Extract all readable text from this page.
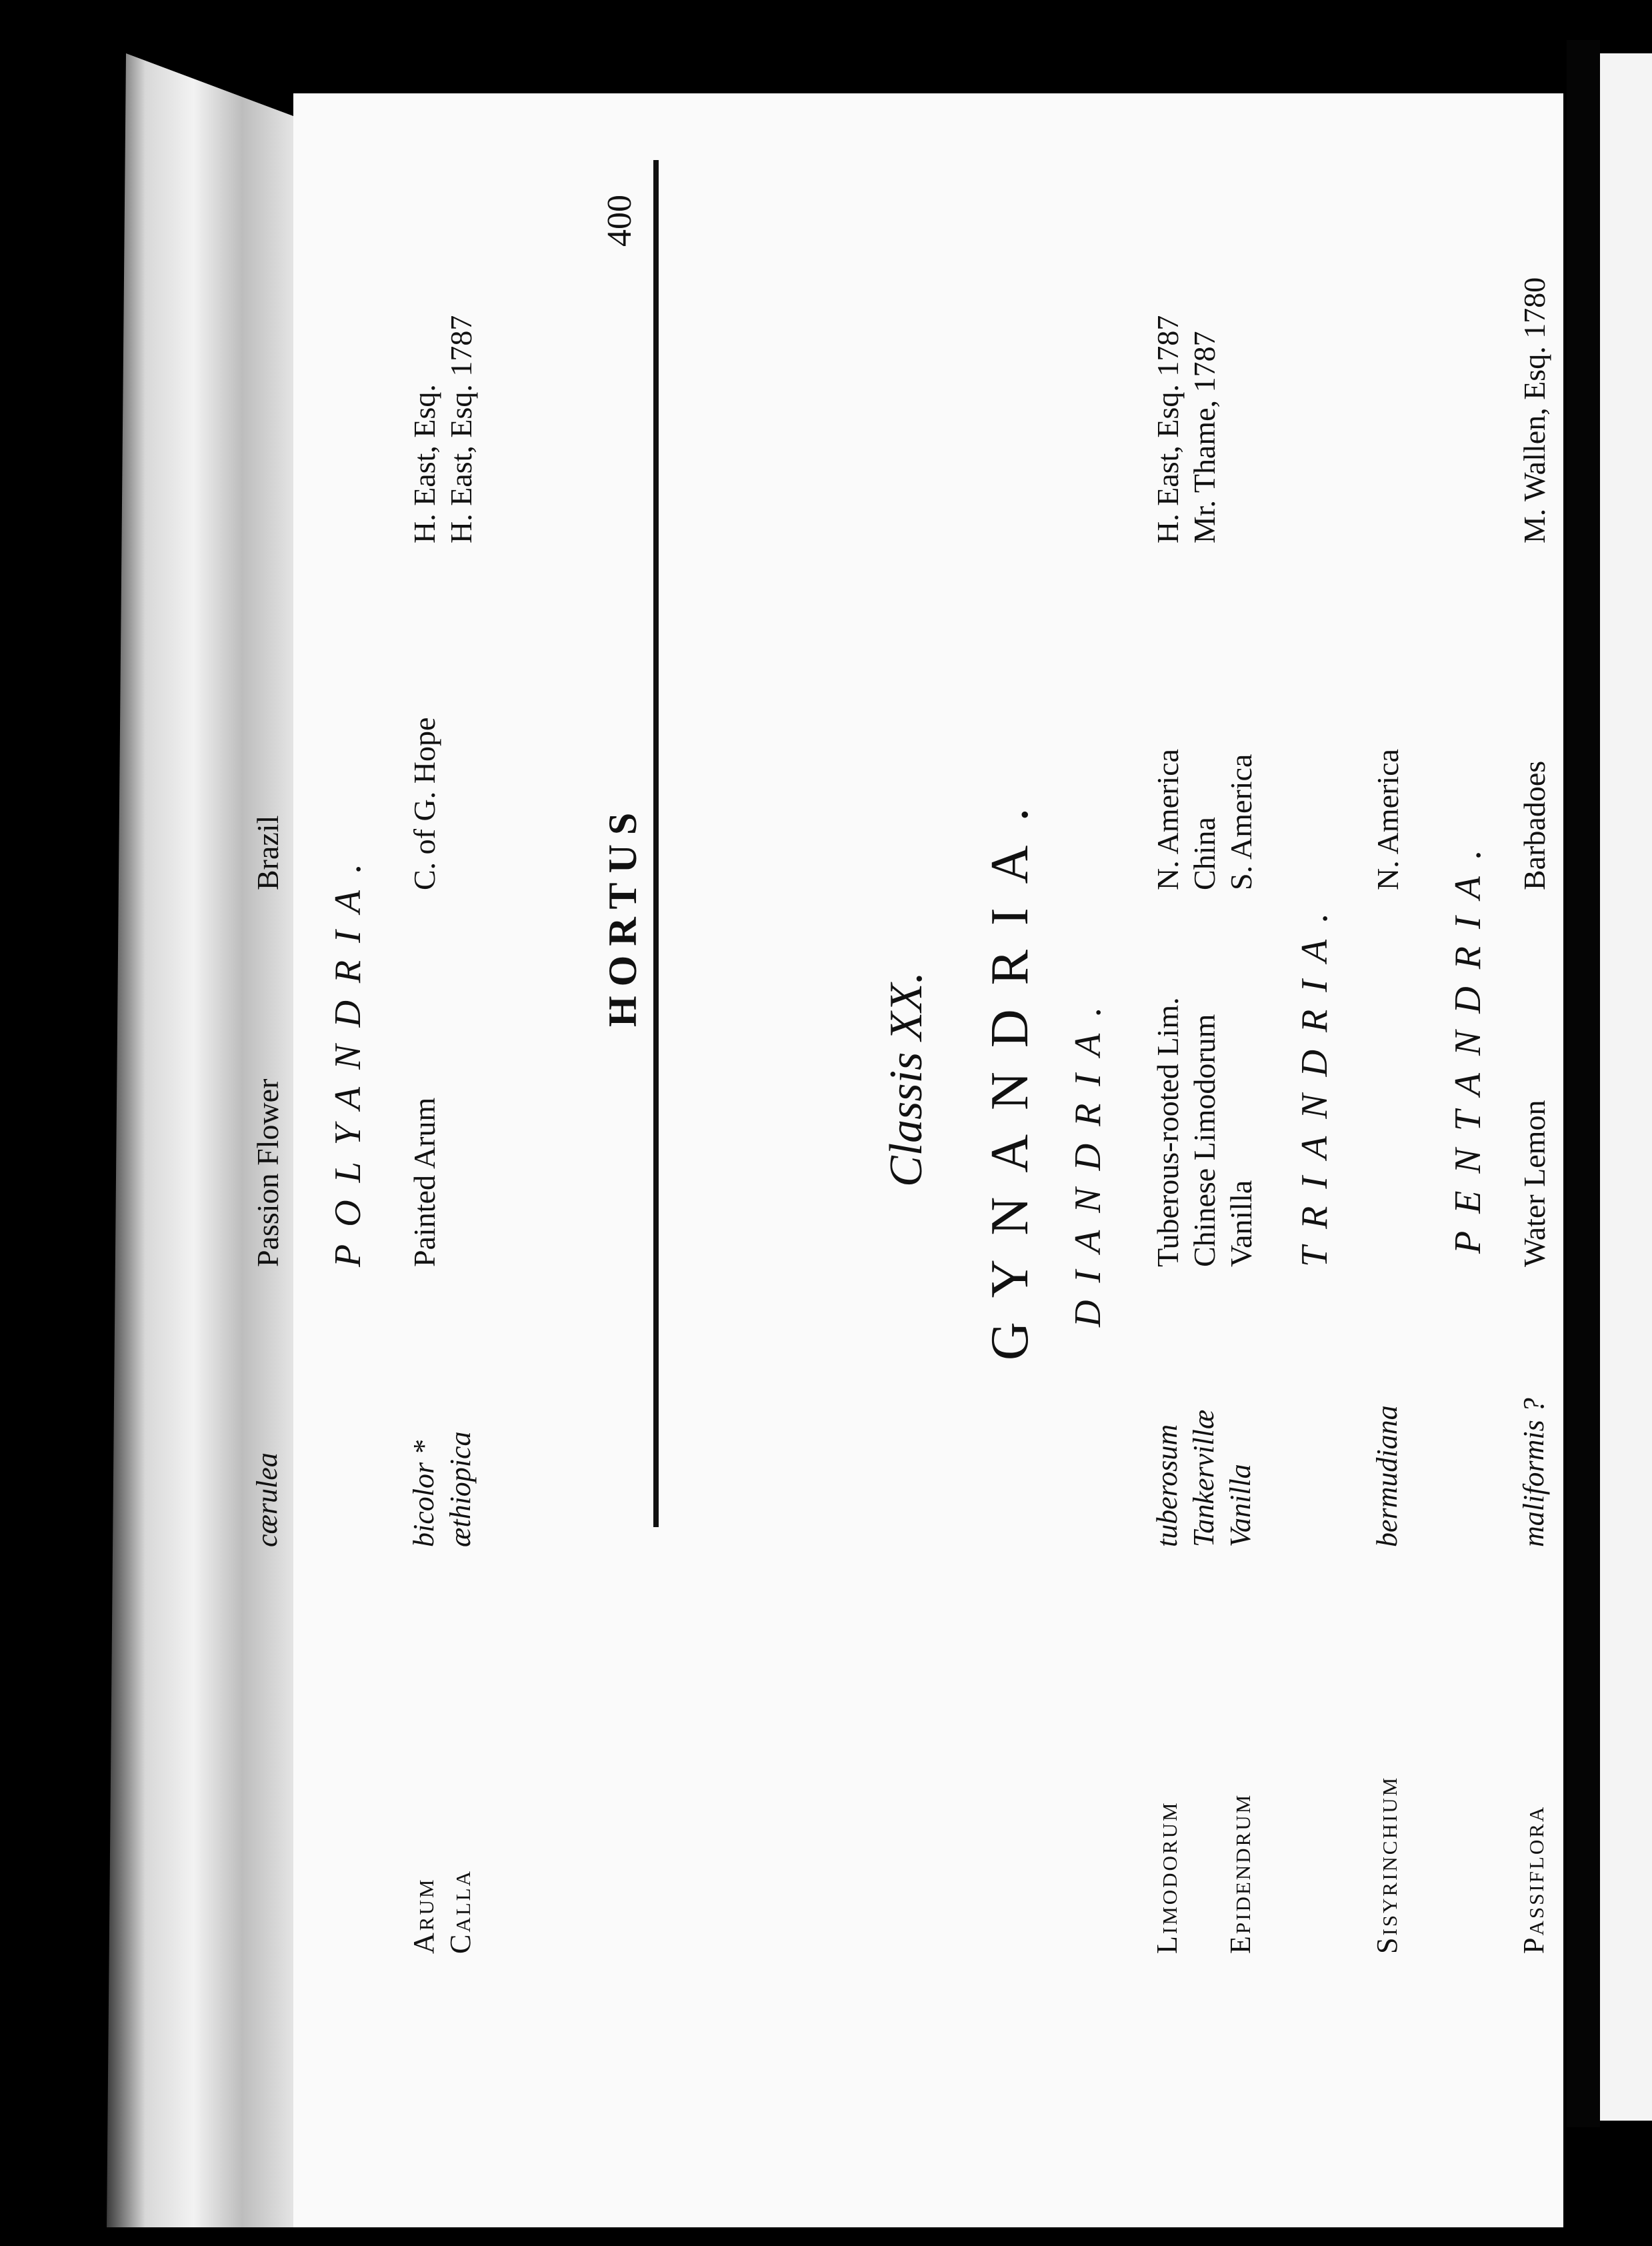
400
HORTUS
Classis XX. GYNANDRIA. DIANDRIA.
Limodorum
tuberosum
Tuberous-rooted Lim.
N. America
H. East, Esq. 1787
Tankervillæ
Chinese Limodorum
China
Mr. Thame, 1787
Epidendrum
Vanilla
Vanilla
S. America
TRIANDRIA.
Sisyrinchium
bermudiana
N. America
PENTANDRIA.
Passiflora
maliformis ?
Water Lemon
Barbadoes
M. Wallen, Esq. 1780
cærulea
Passion Flower
Brazil POLYANDRIA.
Arum
bicolor *
Painted Arum
C. of G. Hope
H. East, Esq.
Calla
æthiopica
H. East, Esq. 1787
